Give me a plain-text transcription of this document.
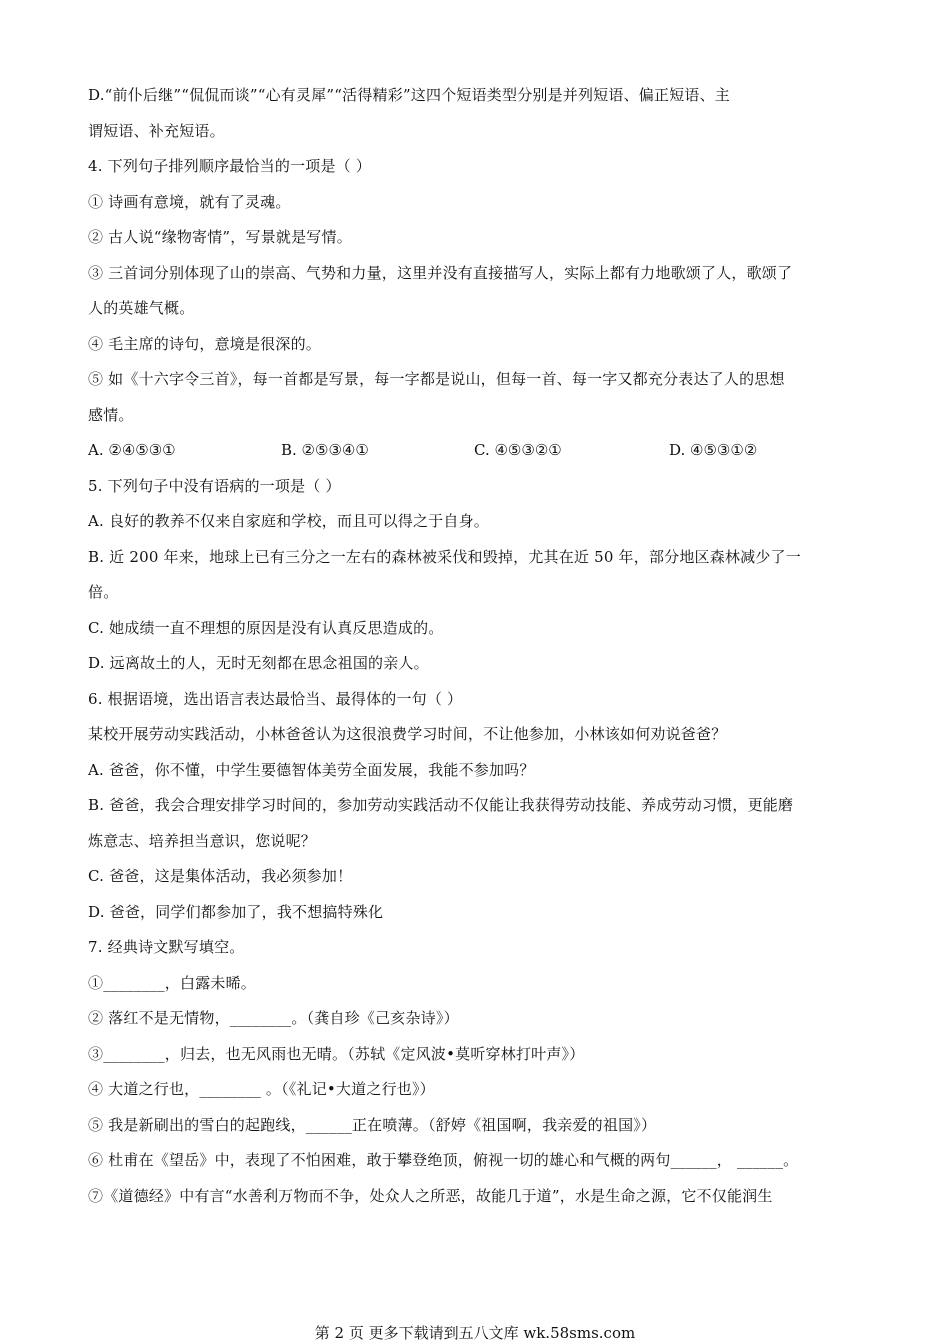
D.“前仆后继”“侃侃而谈”“心有灵犀”“活得精彩”这四个短语类型分别是并列短语、偏正短语、主
谓短语、补充短语。
4. 下列句子排列顺序最恰当的一项是（ ）
① 诗画有意境，就有了灵魂。
② 古人说“缘物寄情”，写景就是写情。
③ 三首词分别体现了山的崇高、气势和力量，这里并没有直接描写人，实际上都有力地歌颂了人，歌颂了
人的英雄气概。
④ 毛主席的诗句，意境是很深的。
⑤ 如《十六字令三首》，每一首都是写景，每一字都是说山，但每一首、每一字又都充分表达了人的思想
感情。
A. ②④⑤③①	B. ②⑤③④①	C. ④⑤③②①	D. ④⑤③①②
5. 下列句子中没有语病的一项是（ ）
A. 良好的教养不仅来自家庭和学校，而且可以得之于自身。
B. 近 200 年来，地球上已有三分之一左右的森林被采伐和毁掉，尤其在近 50 年，部分地区森林减少了一
倍。
C. 她成绩一直不理想的原因是没有认真反思造成的。
D. 远离故土的人，无时无刻都在思念祖国的亲人。
6. 根据语境，选出语言表达最恰当、最得体的一句（ ）
某校开展劳动实践活动，小林爸爸认为这很浪费学习时间，不让他参加，小林该如何劝说爸爸？
A. 爸爸，你不懂，中学生要德智体美劳全面发展，我能不参加吗？
B. 爸爸，我会合理安排学习时间的，参加劳动实践活动不仅能让我获得劳动技能、养成劳动习惯，更能磨
炼意志、培养担当意识，您说呢？
C. 爸爸，这是集体活动，我必须参加！
D. 爸爸，同学们都参加了，我不想搞特殊化
7. 经典诗文默写填空。
①________，白露未晞。
② 落红不是无情物，________。（龚自珍《己亥杂诗》）
③________，归去，也无风雨也无晴。（苏轼《定风波•莫听穿林打叶声》）
④ 大道之行也，________ 。（《礼记•大道之行也》）
⑤ 我是新刷出的雪白的起跑线，______正在喷薄。（舒婷《祖国啊，我亲爱的祖国》）
⑥ 杜甫在《望岳》中，表现了不怕困难，敢于攀登绝顶，俯视一切的雄心和气概的两句______， ______。
⑦《道德经》中有言“水善利万物而不争，处众人之所恶，故能几于道”，水是生命之源，它不仅能润生
第 2 页 更多下载请到五八文库 wk.58sms.com
